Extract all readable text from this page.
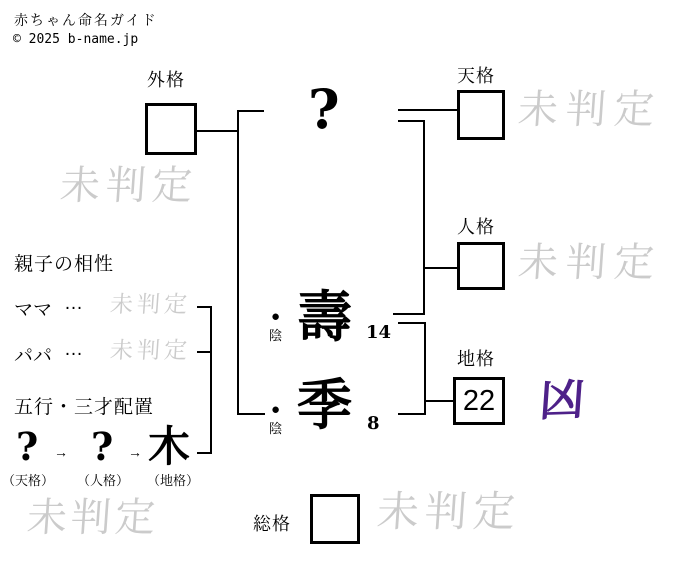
赤ちゃん命名ガイド
© 2025 b-name.jp
外格
未判定
天格
未判定
人格
未判定
地格
22 凶
総格 未判定
?
●
陰 壽 14
●
陰 季 8
親子の相性
ママ … 未判定
パパ … 未判定
五行・三才配置
? → ? → 木
（天格） （人格） （地格）
未判定
